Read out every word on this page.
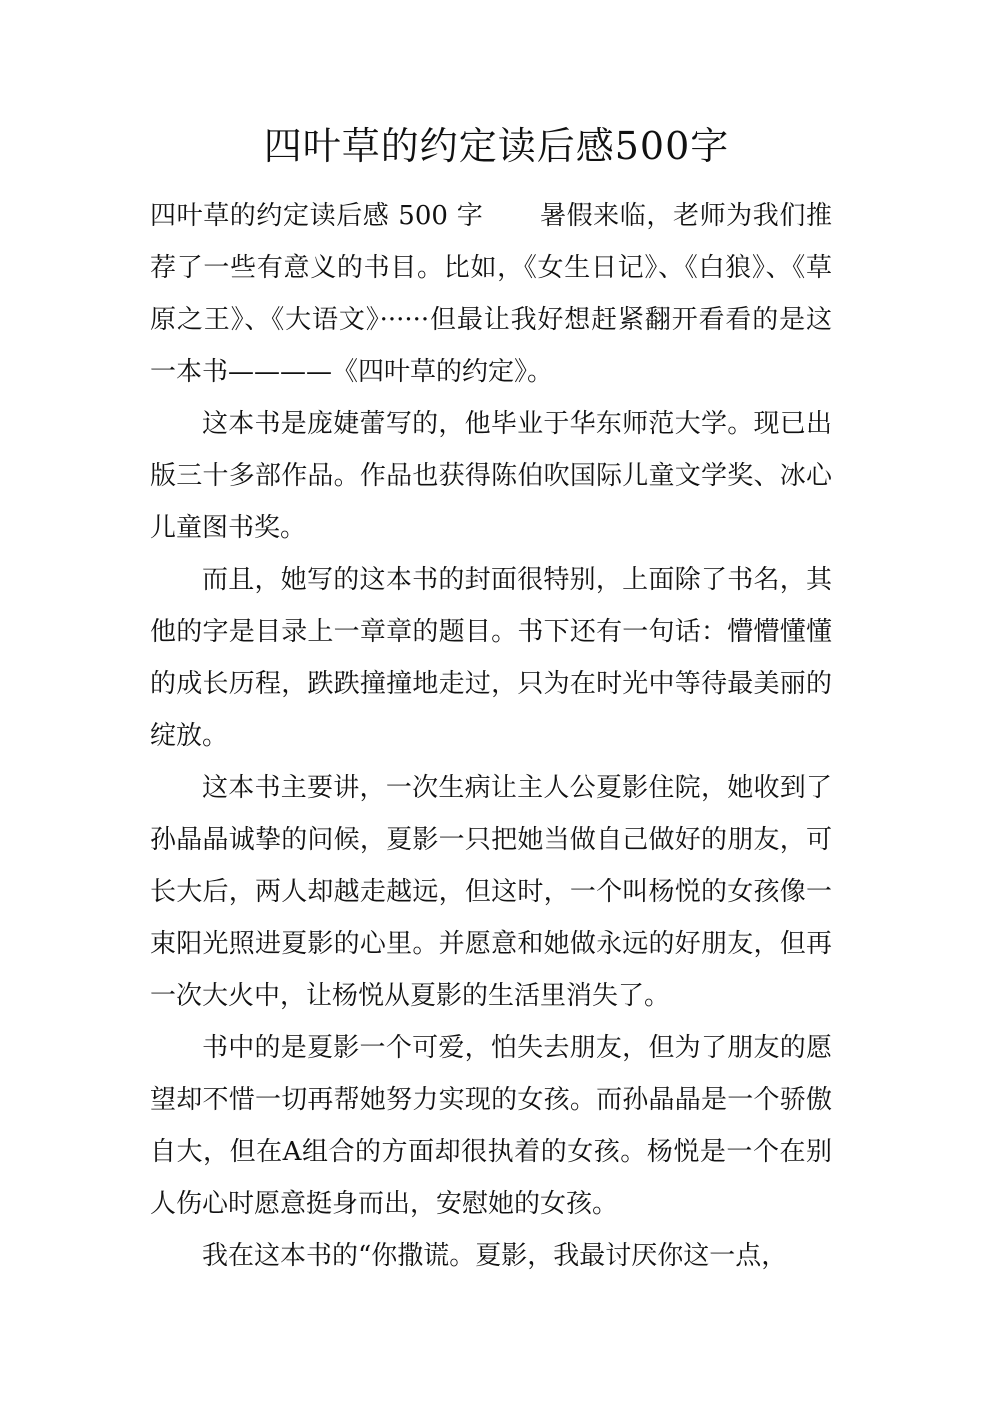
四叶草的约定读后感500字

四叶草的约定读后感 500 字 暑假来临，老师为我们推荐了一些有意义的书目。比如，《女生日记》、《白狼》、《草原之王》、《大语文》······但最让我好想赶紧翻开看看的是这一本书————《四叶草的约定》。

这本书是庞婕蕾写的，他毕业于华东师范大学。现已出版三十多部作品。作品也获得陈伯吹国际儿童文学奖、冰心儿童图书奖。

而且，她写的这本书的封面很特别，上面除了书名，其他的字是目录上一章章的题目。书下还有一句话：懵懵懂懂的成长历程，跌跌撞撞地走过，只为在时光中等待最美丽的绽放。

这本书主要讲，一次生病让主人公夏影住院，她收到了孙晶晶诚挚的问候，夏影一只把她当做自己做好的朋友，可长大后，两人却越走越远，但这时，一个叫杨悦的女孩像一束阳光照进夏影的心里。并愿意和她做永远的好朋友，但再一次大火中，让杨悦从夏影的生活里消失了。

书中的是夏影一个可爱，怕失去朋友，但为了朋友的愿望却不惜一切再帮她努力实现的女孩。而孙晶晶是一个骄傲自大，但在A组合的方面却很执着的女孩。杨悦是一个在别人伤心时愿意挺身而出，安慰她的女孩。

我在这本书的“你撒谎。夏影，我最讨厌你这一点，
